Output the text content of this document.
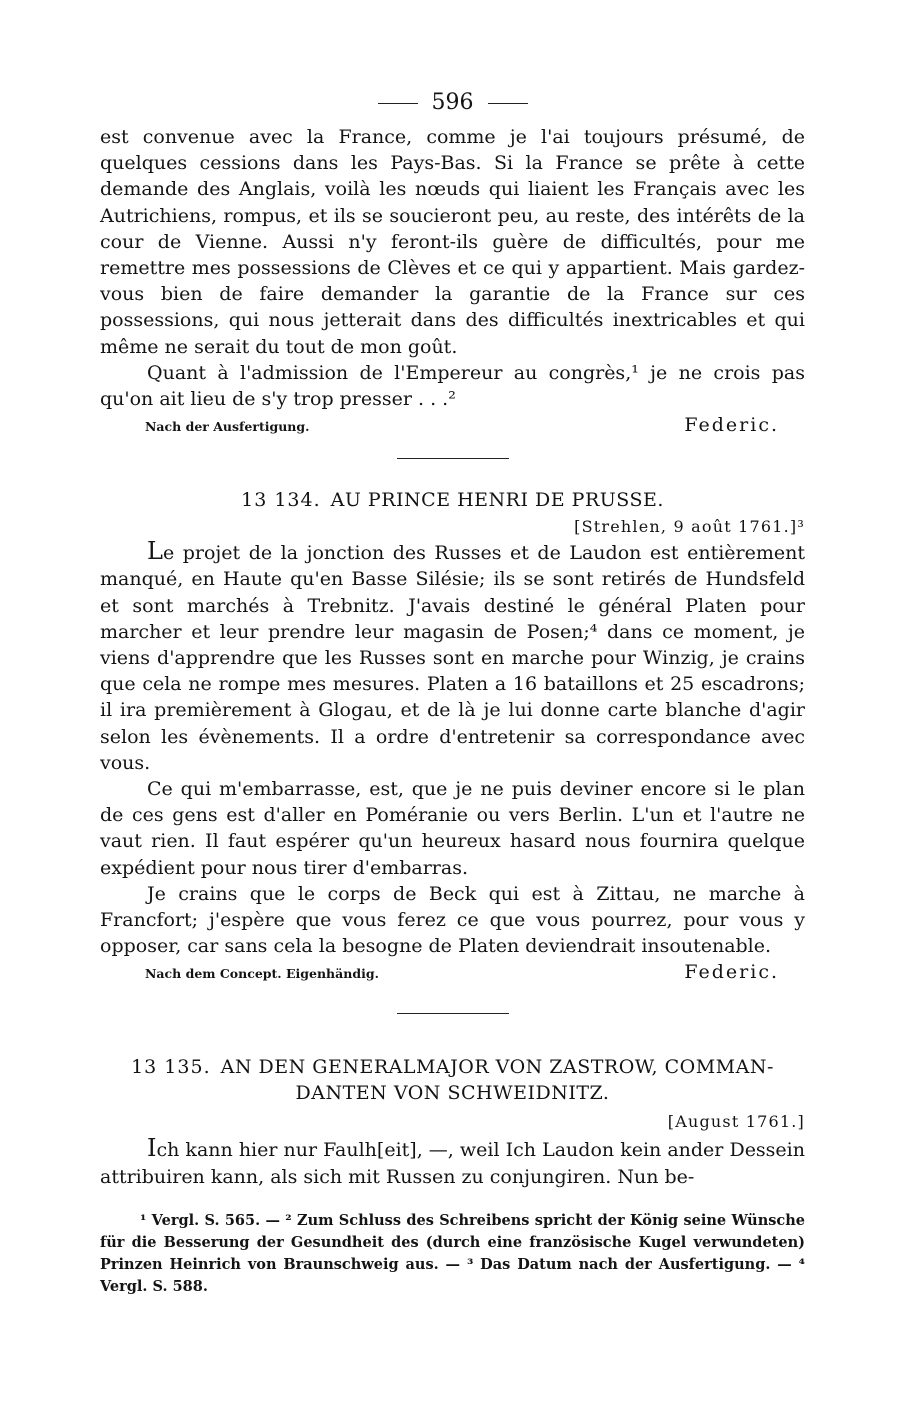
596

est convenue avec la France, comme je l'ai toujours présumé, de quelques cessions dans les Pays-Bas. Si la France se prête à cette demande des Anglais, voilà les nœuds qui liaient les Français avec les Autrichiens, rompus, et ils se soucieront peu, au reste, des intérêts de la cour de Vienne. Aussi n'y feront-ils guère de difficultés, pour me remettre mes possessions de Clèves et ce qui y appartient. Mais gardez-vous bien de faire demander la garantie de la France sur ces possessions, qui nous jetterait dans des difficultés inextricables et qui même ne serait du tout de mon goût.

Quant à l'admission de l'Empereur au congrès,¹ je ne crois pas qu'on ait lieu de s'y trop presser . . .²

Nach der Ausfertigung.	Federic.
13 134. AU PRINCE HENRI DE PRUSSE.
[Strehlen, 9 août 1761.]³

Le projet de la jonction des Russes et de Laudon est entièrement manqué, en Haute qu'en Basse Silésie; ils se sont retirés de Hundsfeld et sont marchés à Trebnitz. J'avais destiné le général Platen pour marcher et leur prendre leur magasin de Posen;⁴ dans ce moment, je viens d'apprendre que les Russes sont en marche pour Winzig, je crains que cela ne rompe mes mesures. Platen a 16 bataillons et 25 escadrons; il ira premièrement à Glogau, et de là je lui donne carte blanche d'agir selon les évènements. Il a ordre d'entretenir sa correspondance avec vous.

Ce qui m'embarrasse, est, que je ne puis deviner encore si le plan de ces gens est d'aller en Poméranie ou vers Berlin. L'un et l'autre ne vaut rien. Il faut espérer qu'un heureux hasard nous fournira quelque expédient pour nous tirer d'embarras.

Je crains que le corps de Beck qui est à Zittau, ne marche à Francfort; j'espère que vous ferez ce que vous pourrez, pour vous y opposer, car sans cela la besogne de Platen deviendrait insoutenable.

Nach dem Concept. Eigenhändig.	Federic.
13 135. AN DEN GENERALMAJOR VON ZASTROW, COMMAN-
DANTEN VON SCHWEIDNITZ.
[August 1761.]

Ich kann hier nur Faulh[eit], —, weil Ich Laudon kein ander Dessein attribuiren kann, als sich mit Russen zu conjungiren. Nun be-

¹ Vergl. S. 565. — ² Zum Schluss des Schreibens spricht der König seine Wünsche für die Besserung der Gesundheit des (durch eine französische Kugel verwundeten) Prinzen Heinrich von Braunschweig aus. — ³ Das Datum nach der Ausfertigung. — ⁴ Vergl. S. 588.
